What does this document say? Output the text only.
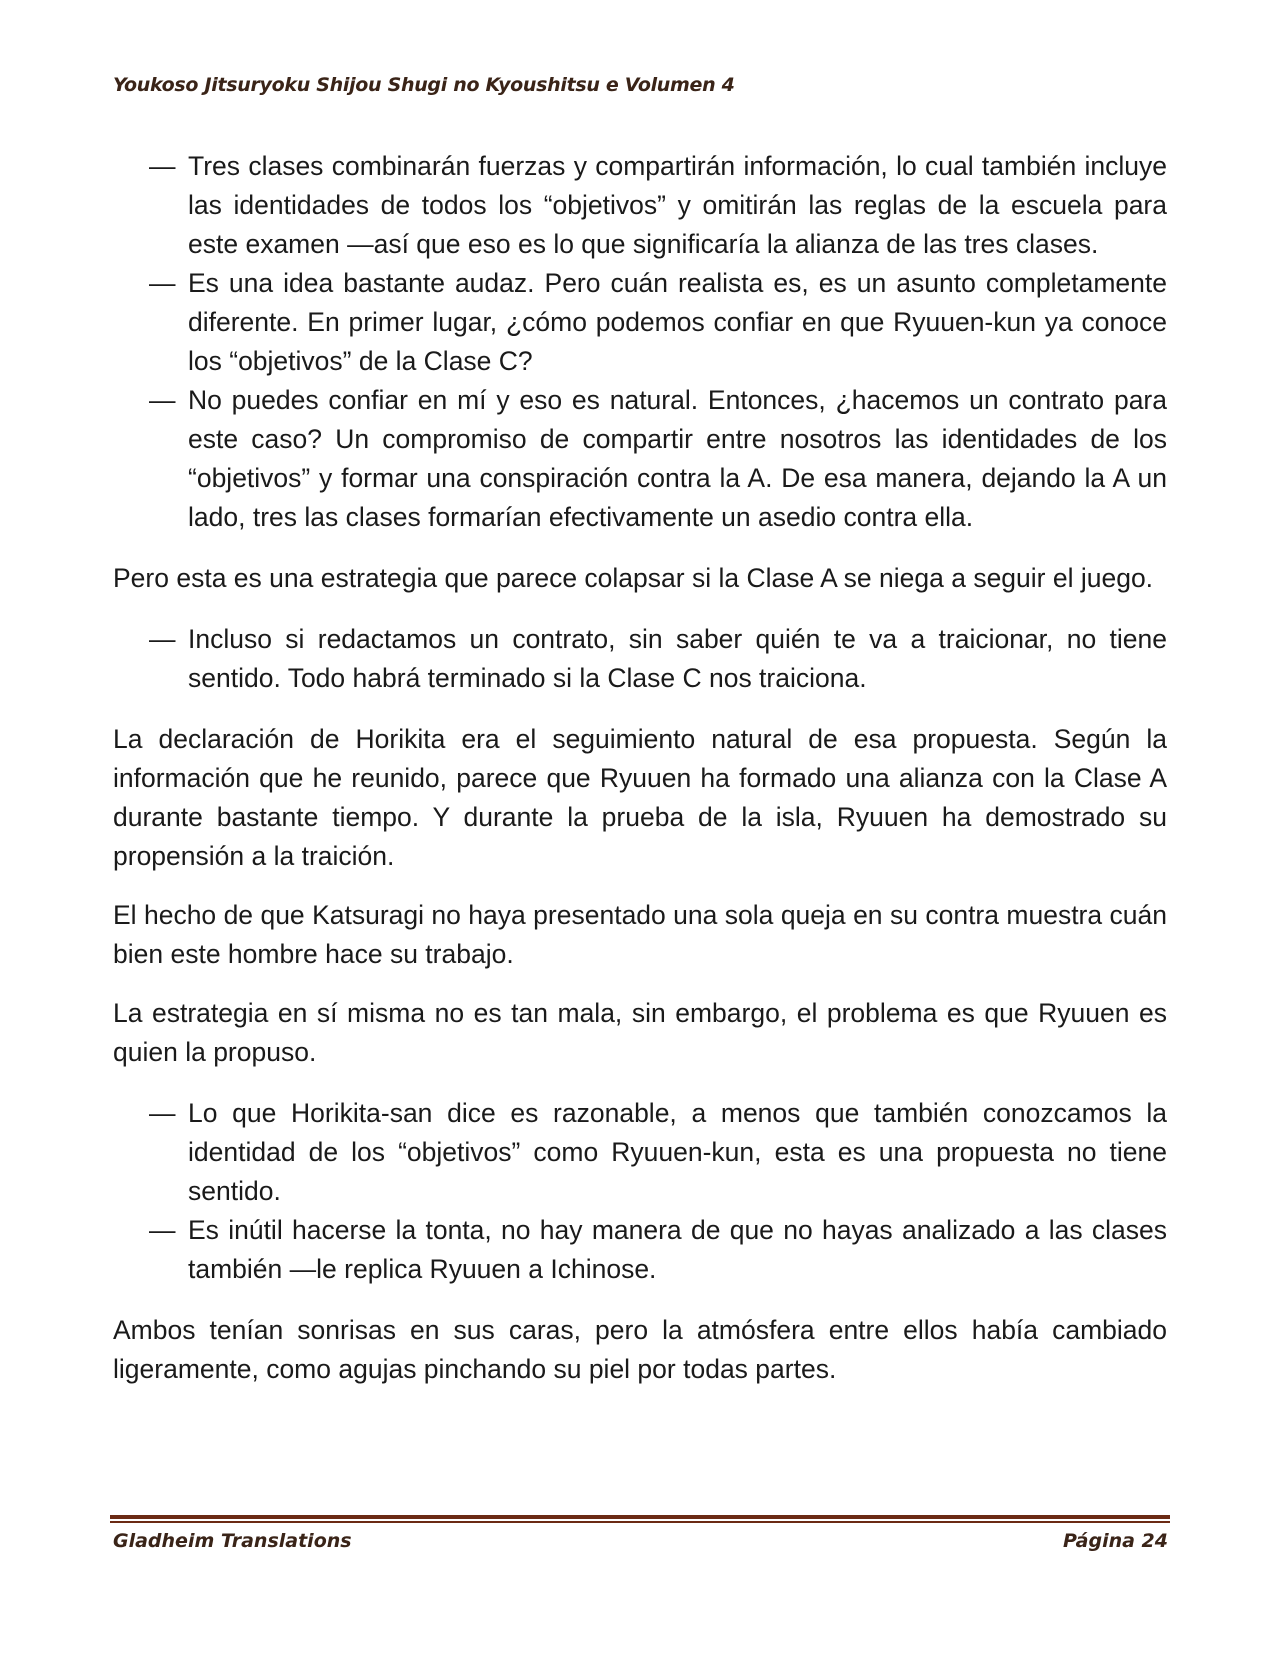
Youkoso Jitsuryoku Shijou Shugi no Kyoushitsu e Volumen 4
— Tres clases combinarán fuerzas y compartirán información, lo cual también incluye las identidades de todos los “objetivos” y omitirán las reglas de la escuela para este examen —así que eso es lo que significaría la alianza de las tres clases.
— Es una idea bastante audaz. Pero cuán realista es, es un asunto completamente diferente. En primer lugar, ¿cómo podemos confiar en que Ryuuen-kun ya conoce los “objetivos” de la Clase C?
— No puedes confiar en mí y eso es natural. Entonces, ¿hacemos un contrato para este caso? Un compromiso de compartir entre nosotros las identidades de los “objetivos” y formar una conspiración contra la A. De esa manera, dejando la A un lado, tres las clases formarían efectivamente un asedio contra ella.

Pero esta es una estrategia que parece colapsar si la Clase A se niega a seguir el juego.

— Incluso si redactamos un contrato, sin saber quién te va a traicionar, no tiene sentido. Todo habrá terminado si la Clase C nos traiciona.

La declaración de Horikita era el seguimiento natural de esa propuesta. Según la información que he reunido, parece que Ryuuen ha formado una alianza con la Clase A durante bastante tiempo. Y durante la prueba de la isla, Ryuuen ha demostrado su propensión a la traición.

El hecho de que Katsuragi no haya presentado una sola queja en su contra muestra cuán bien este hombre hace su trabajo.

La estrategia en sí misma no es tan mala, sin embargo, el problema es que Ryuuen es quien la propuso.

— Lo que Horikita-san dice es razonable, a menos que también conozcamos la identidad de los “objetivos” como Ryuuen-kun, esta es una propuesta no tiene sentido.
— Es inútil hacerse la tonta, no hay manera de que no hayas analizado a las clases también —le replica Ryuuen a Ichinose.

Ambos tenían sonrisas en sus caras, pero la atmósfera entre ellos había cambiado ligeramente, como agujas pinchando su piel por todas partes.

Gladheim Translations	Página 24
